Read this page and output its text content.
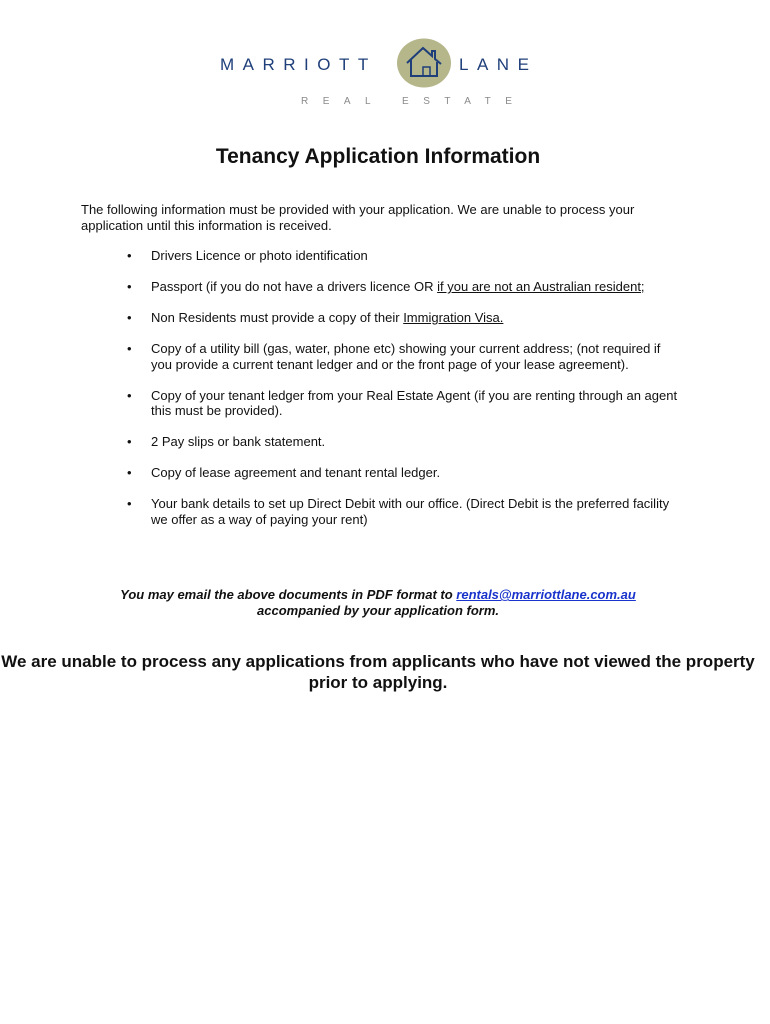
MARRIOTT	LANE
REAL ESTATE
Tenancy Application Information
The following information must be provided with your application. We are unable to process your application until this information is received.
• Drivers Licence or photo identification
• Passport (if you do not have a drivers licence OR if you are not an Australian resident;
• Non Residents must provide a copy of their Immigration Visa.
• Copy of a utility bill (gas, water, phone etc) showing your current address; (not required if you provide a current tenant ledger and or the front page of your lease agreement).
• Copy of your tenant ledger from your Real Estate Agent (if you are renting through an agent this must be provided).
• 2 Pay slips or bank statement.
• Copy of lease agreement and tenant rental ledger.
• Your bank details to set up Direct Debit with our office. (Direct Debit is the preferred facility we offer as a way of paying your rent)
You may email the above documents in PDF format to rentals@marriottlane.com.au
accompanied by your application form.
We are unable to process any applications from applicants who have not viewed the property prior to applying.
